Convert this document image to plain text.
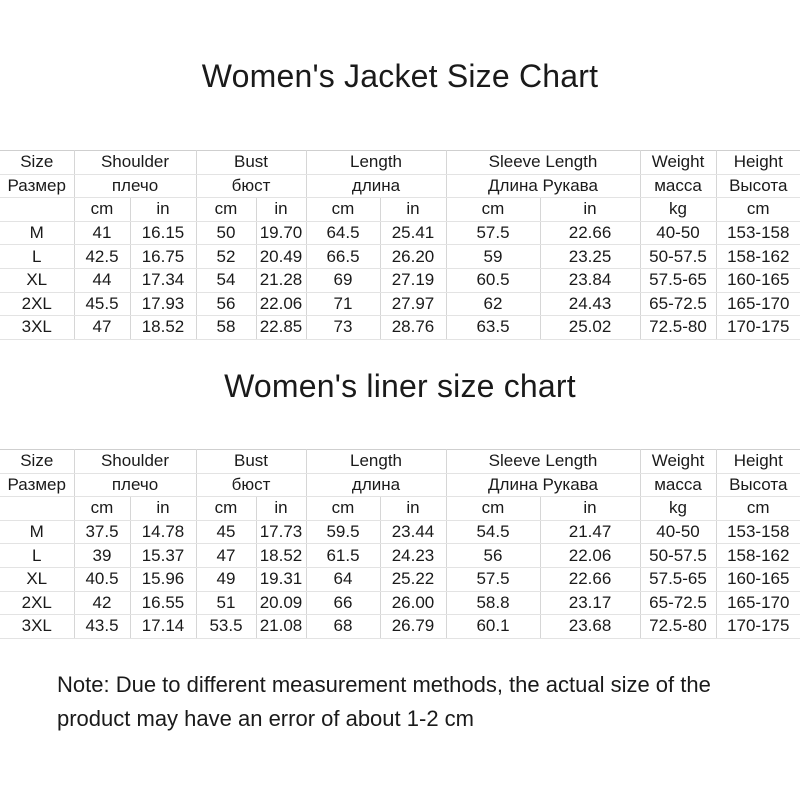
Women's Jacket Size Chart
Size	Shoulder		Bust		Length		Sleeve Length		Weight	Height
Размер	плечо		бюст		длина		Длина Рукава		масса	Высота
	cm	in	cm	in	cm	in	cm	in	kg	cm
M	41	16.15	50	19.70	64.5	25.41	57.5	22.66	40-50	153-158
L	42.5	16.75	52	20.49	66.5	26.20	59	23.25	50-57.5	158-162
XL	44	17.34	54	21.28	69	27.19	60.5	23.84	57.5-65	160-165
2XL	45.5	17.93	56	22.06	71	27.97	62	24.43	65-72.5	165-170
3XL	47	18.52	58	22.85	73	28.76	63.5	25.02	72.5-80	170-175
Women's liner size chart
Size	Shoulder		Bust		Length		Sleeve Length		Weight	Height
Размер	плечо		бюст		длина		Длина Рукава		масса	Высота
	cm	in	cm	in	cm	in	cm	in	kg	cm
M	37.5	14.78	45	17.73	59.5	23.44	54.5	21.47	40-50	153-158
L	39	15.37	47	18.52	61.5	24.23	56	22.06	50-57.5	158-162
XL	40.5	15.96	49	19.31	64	25.22	57.5	22.66	57.5-65	160-165
2XL	42	16.55	51	20.09	66	26.00	58.8	23.17	65-72.5	165-170
3XL	43.5	17.14	53.5	21.08	68	26.79	60.1	23.68	72.5-80	170-175

Note: Due to different measurement methods, the actual size of the
product may have an error of about 1-2 cm
